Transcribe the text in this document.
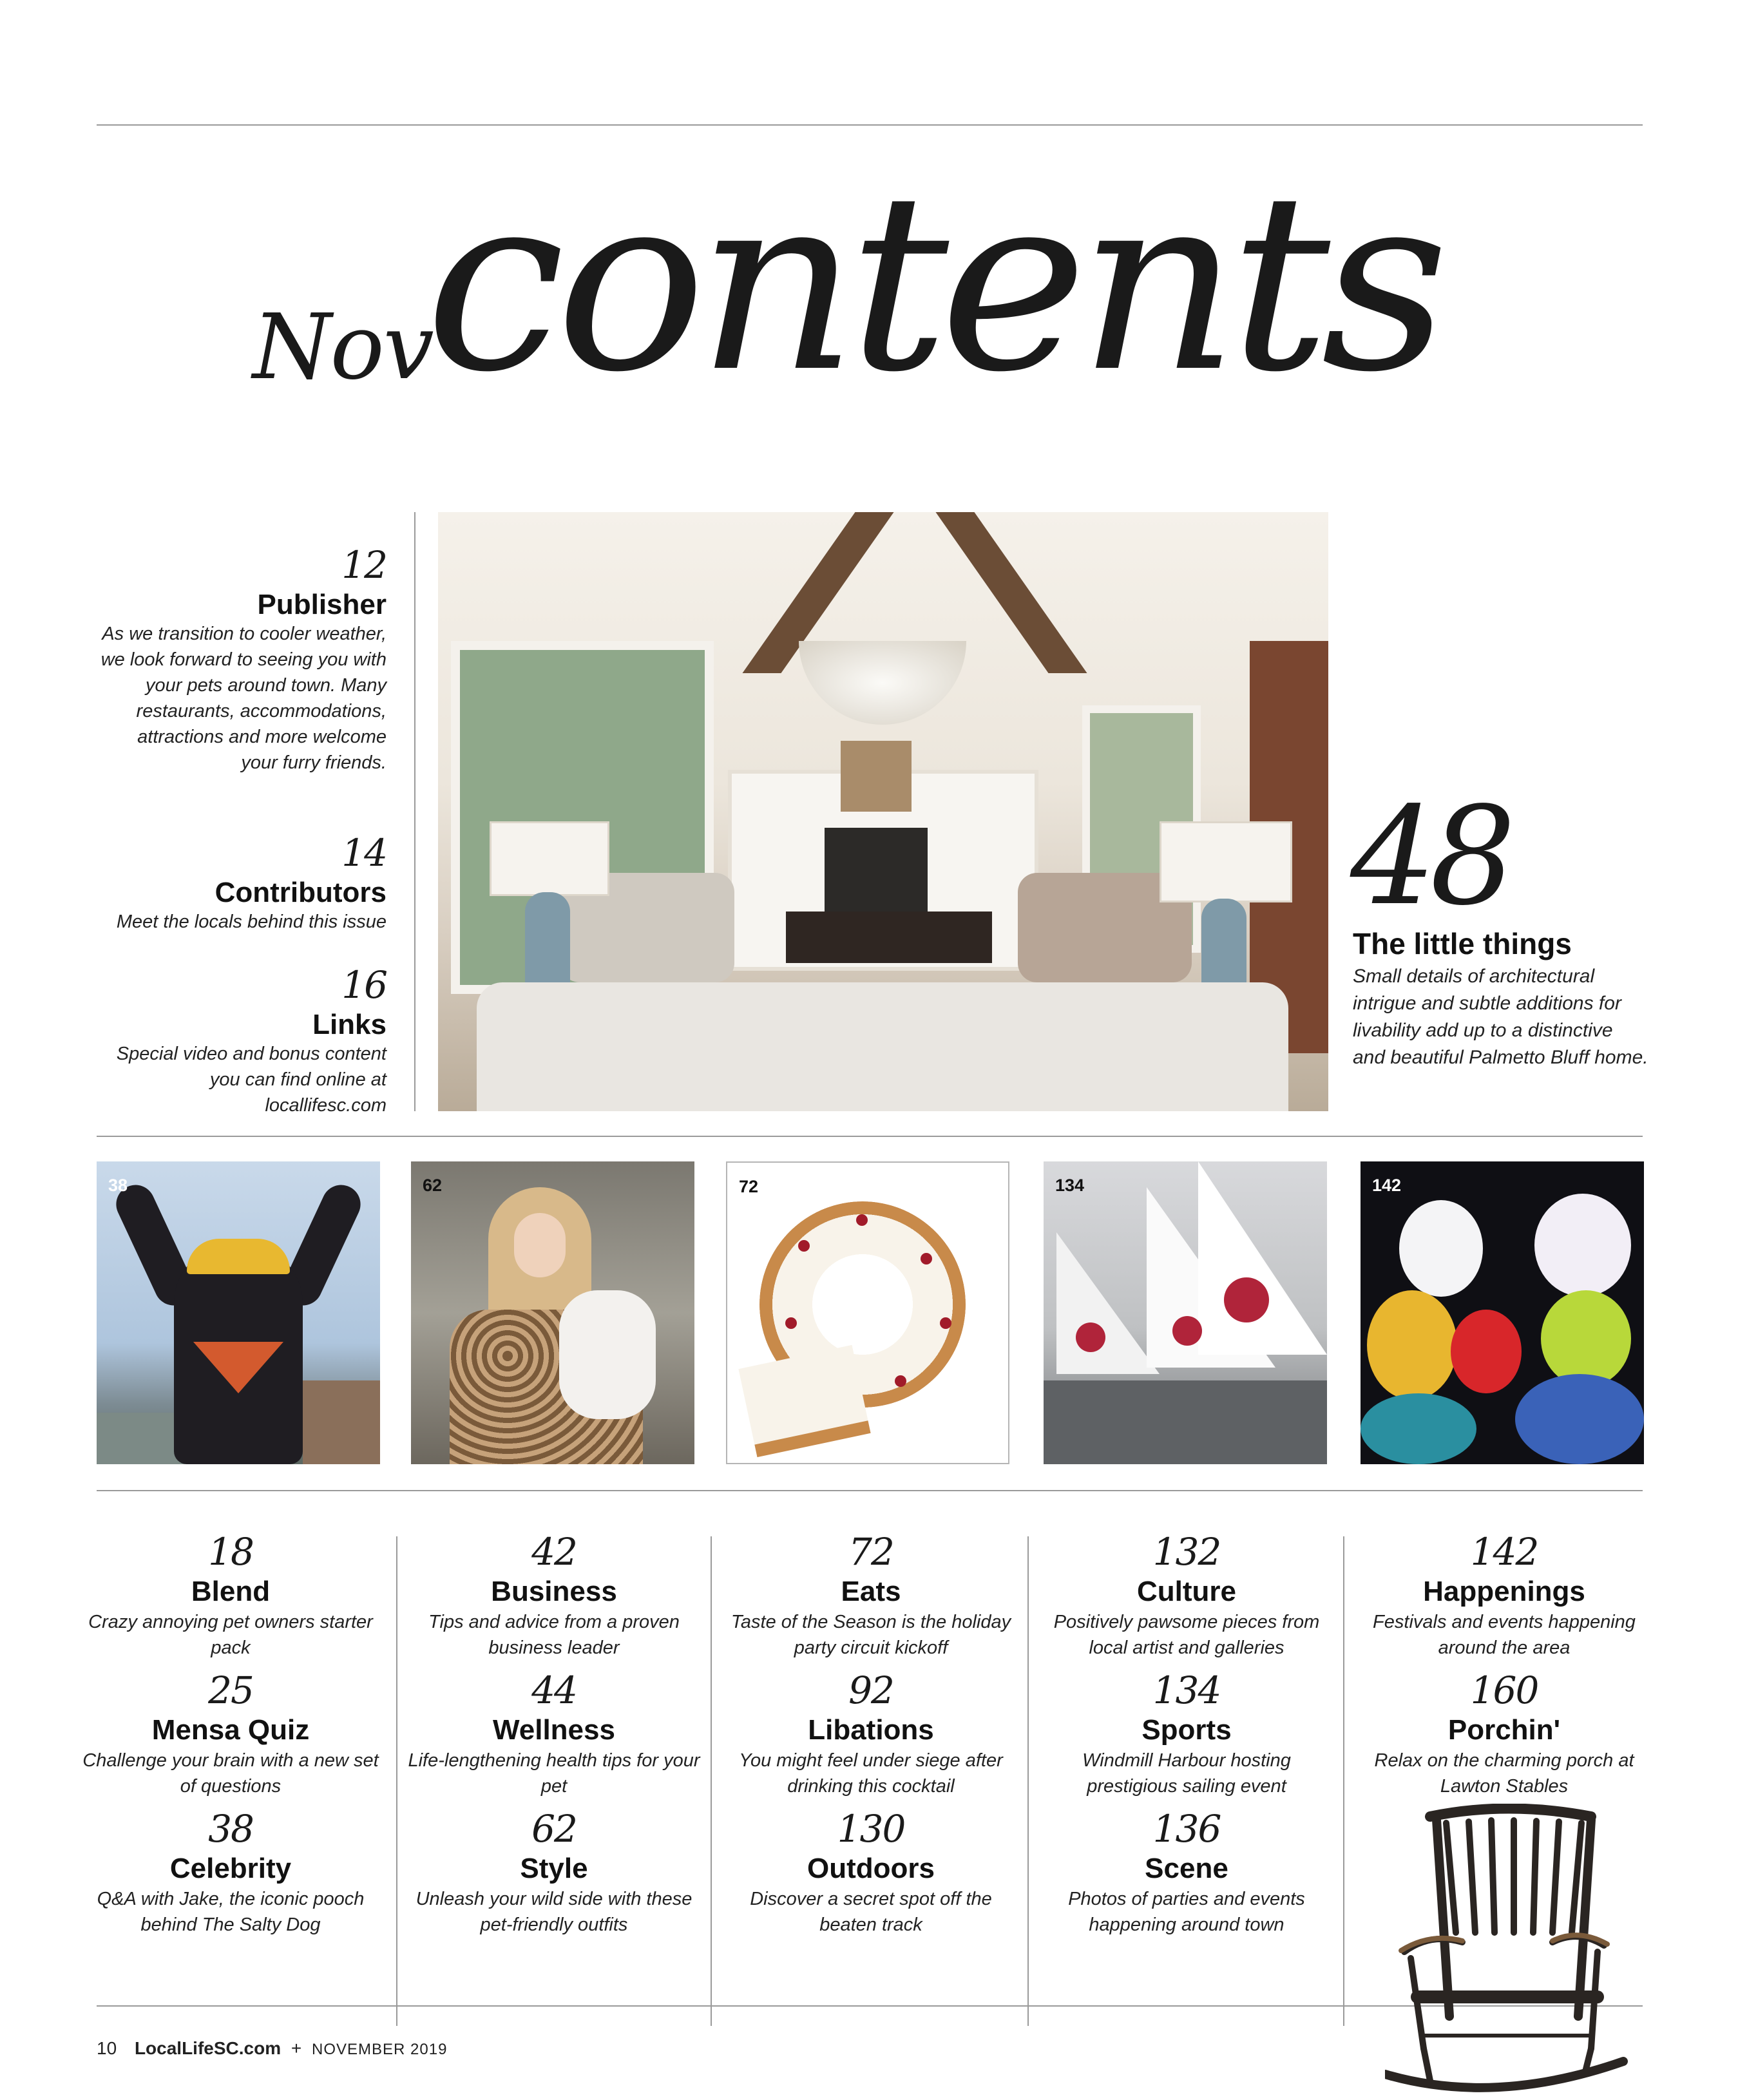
Nov
contents
12
Publisher
As we transition to cooler weather, we look forward to seeing you with your pets around town. Many restaurants, accommodations, attractions and more welcome your furry friends.
14
Contributors
Meet the locals behind this issue
16
Links
Special video and bonus content you can find online at locallifesc.com
48
The little things
Small details of architectural intrigue and subtle additions for livability add up to a distinctive and beautiful Palmetto Bluff home.
38	62	72	134	142
18
Blend
Crazy annoying pet owners starter pack
25
Mensa Quiz
Challenge your brain with a new set of questions
38
Celebrity
Q&A with Jake, the iconic pooch behind The Salty Dog
42
Business
Tips and advice from a proven business leader
44
Wellness
Life-lengthening health tips for your pet
62
Style
Unleash your wild side with these pet-friendly outfits
72
Eats
Taste of the Season is the holiday party circuit kickoff
92
Libations
You might feel under siege after drinking this cocktail
130
Outdoors
Discover a secret spot off the beaten track
132
Culture
Positively pawsome pieces from local artist and galleries
134
Sports
Windmill Harbour hosting prestigious sailing event
136
Scene
Photos of parties and events happening around town
142
Happenings
Festivals and events happening around the area
160
Porchin'
Relax on the charming porch at Lawton Stables
10 LocalLifeSC.com + NOVEMBER 2019
